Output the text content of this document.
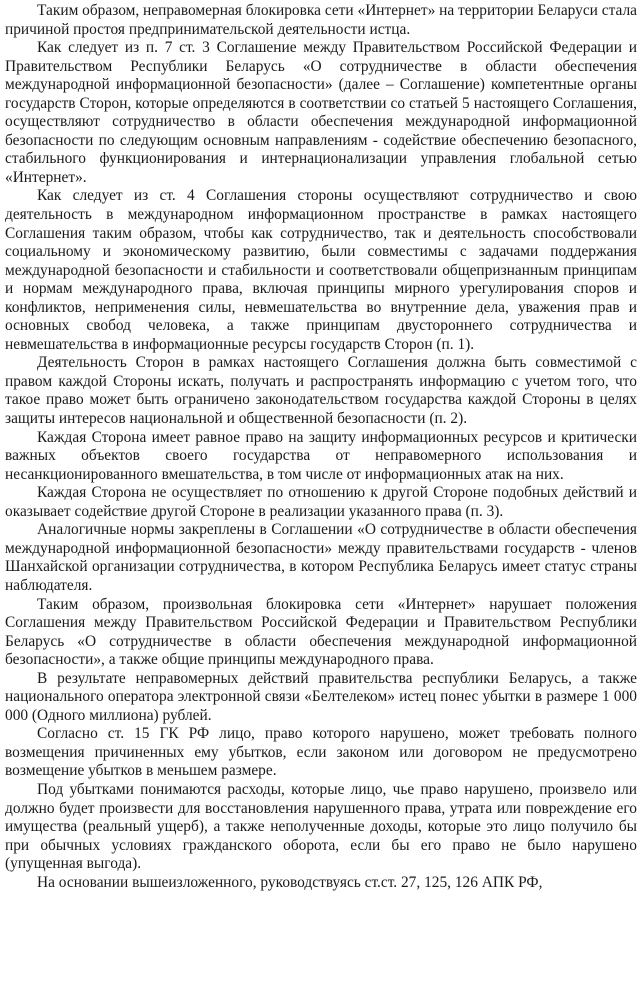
Таким образом, неправомерная блокировка сети «Интернет» на территории Беларуси стала причиной простоя предпринимательской деятельности истца.

Как следует из п. 7 ст. 3 Соглашение между Правительством Российской Федерации и Правительством Республики Беларусь «О сотрудничестве в области обеспечения международной информационной безопасности» (далее – Соглашение) компетентные органы государств Сторон, которые определяются в соответствии со статьей 5 настоящего Соглашения, осуществляют сотрудничество в области обеспечения международной информационной безопасности по следующим основным направлениям - содействие обеспечению безопасного, стабильного функционирования и интернационализации управления глобальной сетью «Интернет».

Как следует из ст. 4 Соглашения стороны осуществляют сотрудничество и свою деятельность в международном информационном пространстве в рамках настоящего Соглашения таким образом, чтобы как сотрудничество, так и деятельность способствовали социальному и экономическому развитию, были совместимы с задачами поддержания международной безопасности и стабильности и соответствовали общепризнанным принципам и нормам международного права, включая принципы мирного урегулирования споров и конфликтов, неприменения силы, невмешательства во внутренние дела, уважения прав и основных свобод человека, а также принципам двустороннего сотрудничества и невмешательства в информационные ресурсы государств Сторон (п. 1).

Деятельность Сторон в рамках настоящего Соглашения должна быть совместимой с правом каждой Стороны искать, получать и распространять информацию с учетом того, что такое право может быть ограничено законодательством государства каждой Стороны в целях защиты интересов национальной и общественной безопасности (п. 2).

Каждая Сторона имеет равное право на защиту информационных ресурсов и критически важных объектов своего государства от неправомерного использования и несанкционированного вмешательства, в том числе от информационных атак на них.

Каждая Сторона не осуществляет по отношению к другой Стороне подобных действий и оказывает содействие другой Стороне в реализации указанного права (п. 3).

Аналогичные нормы закреплены в Соглашении «О сотрудничестве в области обеспечения международной информационной безопасности» между правительствами государств - членов Шанхайской организации сотрудничества, в котором Республика Беларусь имеет статус страны наблюдателя.

Таким образом, произвольная блокировка сети «Интернет» нарушает положения Соглашения между Правительством Российской Федерации и Правительством Республики Беларусь «О сотрудничестве в области обеспечения международной информационной безопасности», а также общие принципы международного права.

В результате неправомерных действий правительства республики Беларусь, а также национального оператора электронной связи «Белтелеком» истец понес убытки в размере 1 000 000 (Одного миллиона) рублей.

Согласно ст. 15 ГК РФ лицо, право которого нарушено, может требовать полного возмещения причиненных ему убытков, если законом или договором не предусмотрено возмещение убытков в меньшем размере.

Под убытками понимаются расходы, которые лицо, чье право нарушено, произвело или должно будет произвести для восстановления нарушенного права, утрата или повреждение его имущества (реальный ущерб), а также неполученные доходы, которые это лицо получило бы при обычных условиях гражданского оборота, если бы его право не было нарушено (упущенная выгода).

На основании вышеизложенного, руководствуясь ст.ст. 27, 125, 126 АПК РФ,
